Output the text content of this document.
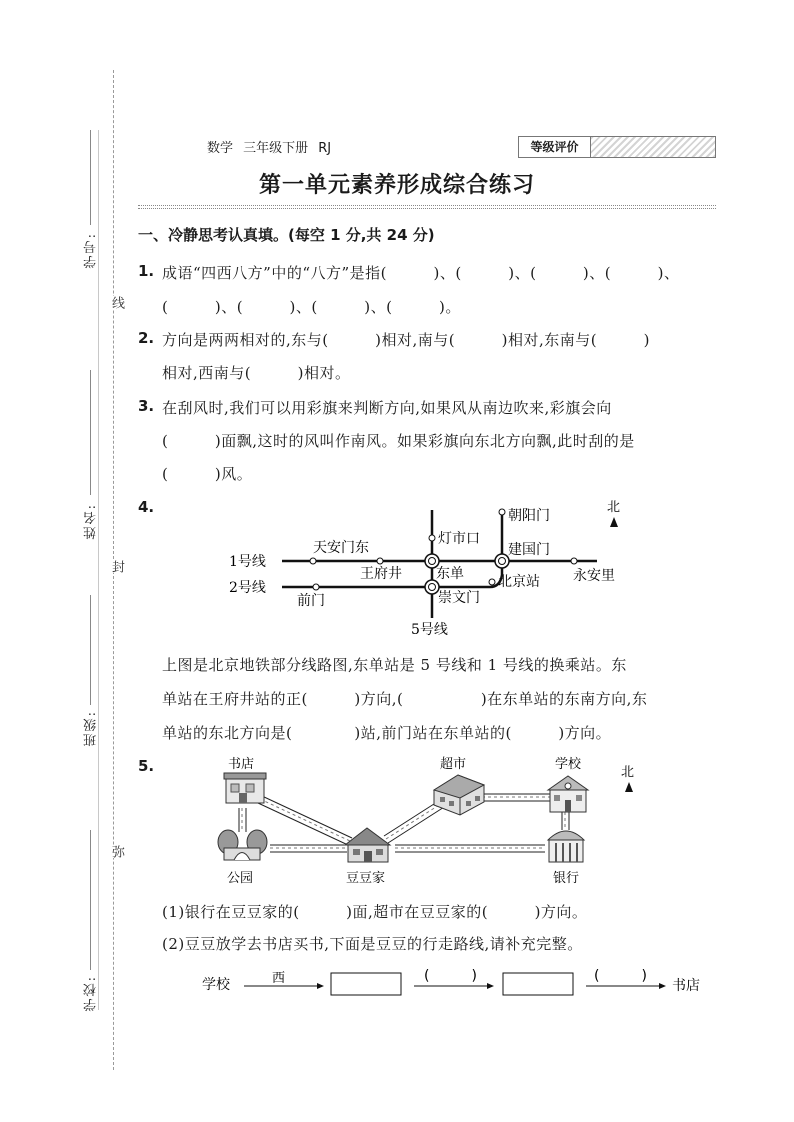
学号:
姓名:
班级:
学校:
线
封
弥
数学 三年级下册 RJ	等级评价
第一单元素养形成综合练习
一、冷静思考认真填。(每空 1 分,共 24 分)
1. 成语“四西八方”中的“八方”是指(　　　)、(　　　)、(　　　)、(　　　)、
(　　　)、(　　　)、(　　　)、(　　　)。
2. 方向是两两相对的,东与(　　　)相对,南与(　　　)相对,东南与(　　　)
相对,西南与(　　　)相对。
3. 在刮风时,我们可以用彩旗来判断方向,如果风从南边吹来,彩旗会向
(　　　)面飘,这时的风叫作南风。如果彩旗向东北方向飘,此时刮的是
(　　　)风。
4.	北
1号线
2号线
5号线
天安门东
王府井
灯市口
东单
崇文门
朝阳门
建国门
北京站 永安里
前门
北
书店	超市	学校
公园	豆豆家	银行
学校	西	(　　　)	(　　　)
书店
上图是北京地铁部分线路图,东单站是 5 号线和 1 号线的换乘站。东
单站在王府井站的正(　　　)方向,(　　　　　)在东单站的东南方向,东
单站的东北方向是(　　　　)站,前门站在东单站的(　　　)方向。
5.
(1)银行在豆豆家的(　　　)面,超市在豆豆家的(　　　)方向。
(2)豆豆放学去书店买书,下面是豆豆的行走路线,请补充完整。
